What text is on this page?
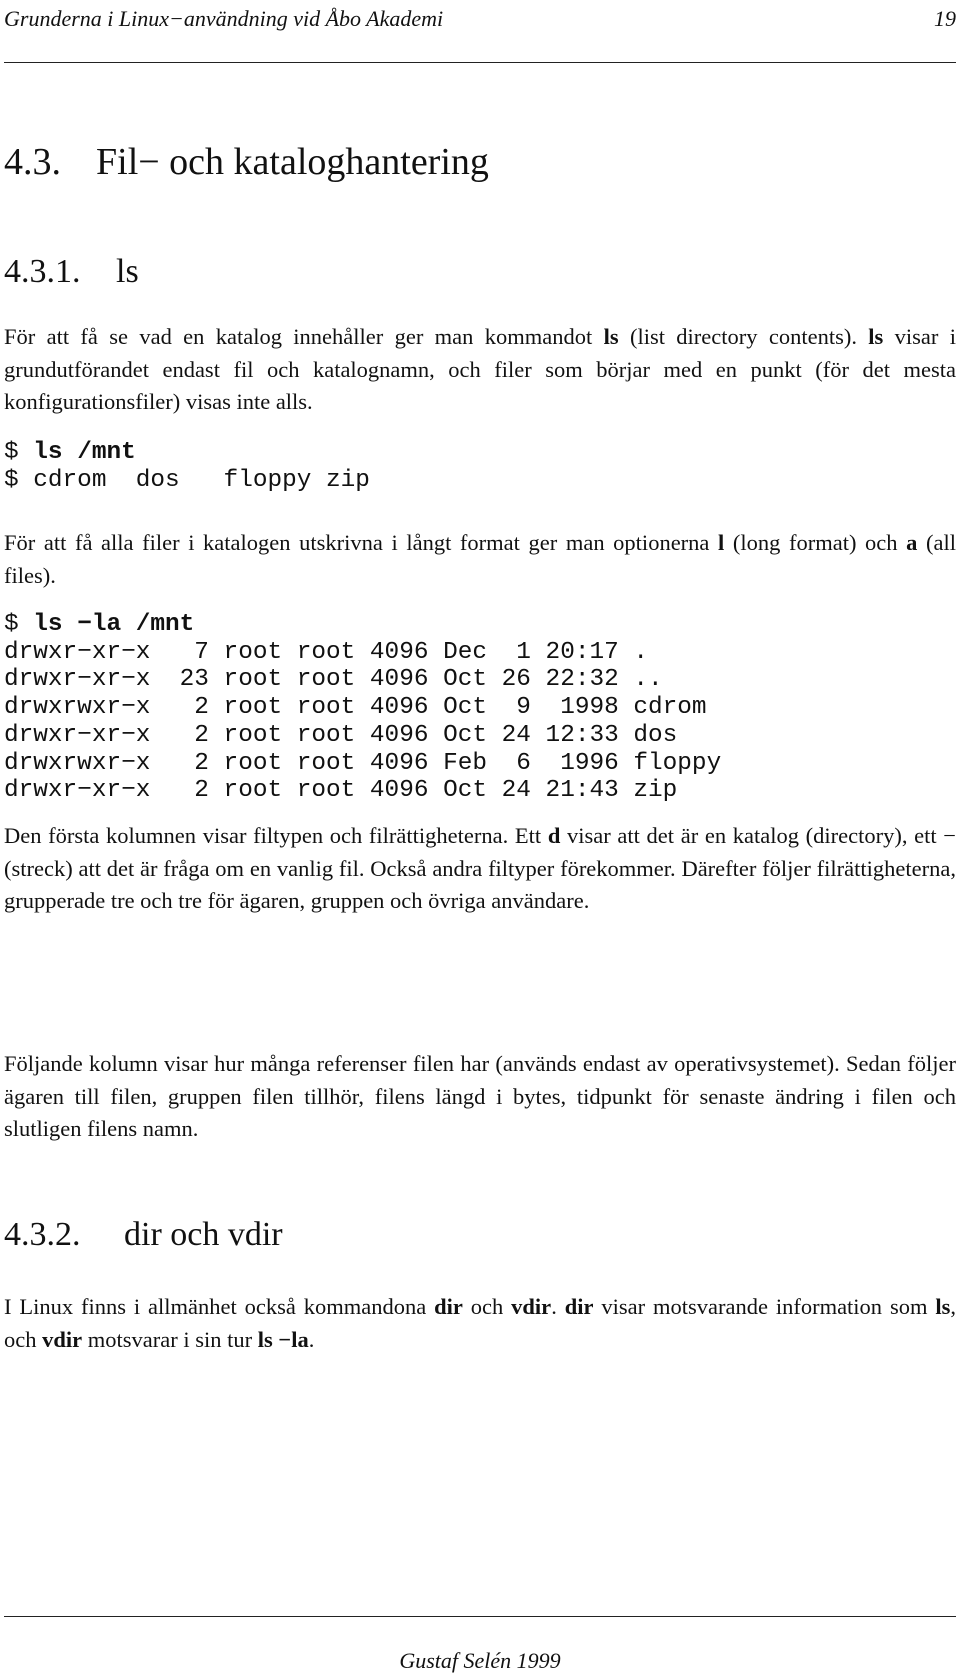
Grunderna i Linux−användning vid Åbo Akademi	19
4.3. Fil− och kataloghantering
4.3.1. ls

För att få se vad en katalog innehåller ger man kommandot ls (list directory contents). ls visar i grundutförandet endast fil och katalognamn, och filer som börjar med en punkt (för det mesta konfigurationsfiler) visas inte alls.

$ ls /mnt
$ cdrom  dos   floppy zip

För att få alla filer i katalogen utskrivna i långt format ger man optionerna l (long format) och a (all files).

$ ls −la /mnt
drwxr−xr−x   7 root root 4096 Dec  1 20:17 .
drwxr−xr−x  23 root root 4096 Oct 26 22:32 ..
drwxrwxr−x   2 root root 4096 Oct  9  1998 cdrom
drwxr−xr−x   2 root root 4096 Oct 24 12:33 dos
drwxrwxr−x   2 root root 4096 Feb  6  1996 floppy
drwxr−xr−x   2 root root 4096 Oct 24 21:43 zip

Den första kolumnen visar filtypen och filrättigheterna. Ett d visar att det är en katalog (directory), ett − (streck) att det är fråga om en vanlig fil. Också andra filtyper förekommer. Därefter följer filrättigheterna, grupperade tre och tre för ägaren, gruppen och övriga användare.

Följande kolumn visar hur många referenser filen har (används endast av operativsystemet). Sedan följer ägaren till filen, gruppen filen tillhör, filens längd i bytes, tidpunkt för senaste ändring i filen och slutligen filens namn.

4.3.2. dir och vdir

I Linux finns i allmänhet också kommandona dir och vdir. dir visar motsvarande information som ls, och vdir motsvarar i sin tur ls −la.

Gustaf Selén 1999
